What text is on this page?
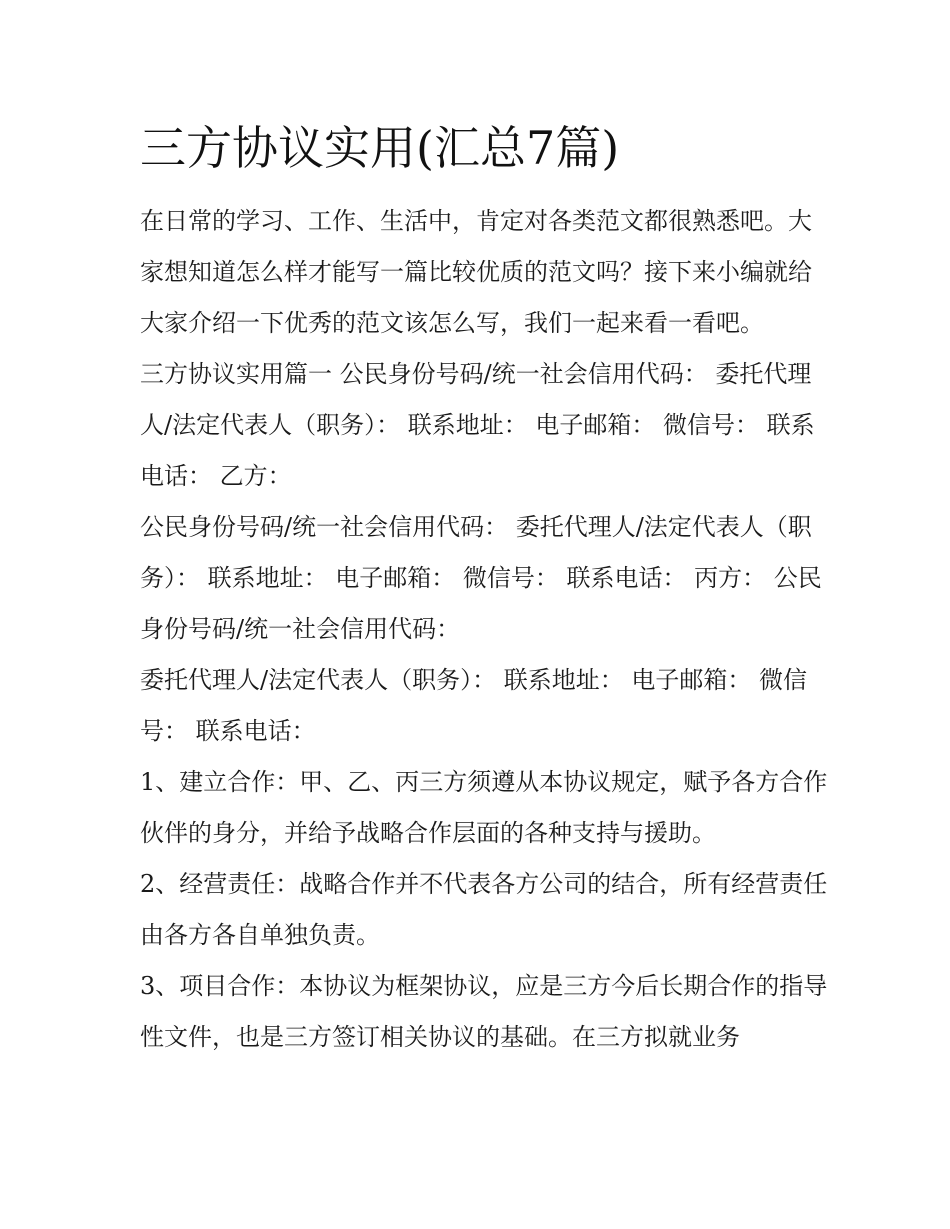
三方协议实用(汇总7篇)

在日常的学习、工作、生活中，肯定对各类范文都很熟悉吧。大家想知道怎么样才能写一篇比较优质的范文吗？接下来小编就给大家介绍一下优秀的范文该怎么写，我们一起来看一看吧。

三方协议实用篇一 公民身份号码/统一社会信用代码： 委托代理人/法定代表人（职务）： 联系地址： 电子邮箱： 微信号： 联系电话： 乙方：

公民身份号码/统一社会信用代码： 委托代理人/法定代表人（职务）： 联系地址： 电子邮箱： 微信号： 联系电话： 丙方： 公民身份号码/统一社会信用代码：

委托代理人/法定代表人（职务）： 联系地址： 电子邮箱： 微信号： 联系电话：

1、建立合作：甲、乙、丙三方须遵从本协议规定，赋予各方合作伙伴的身分，并给予战略合作层面的各种支持与援助。

2、经营责任：战略合作并不代表各方公司的结合，所有经营责任由各方各自单独负责。

3、项目合作：本协议为框架协议，应是三方今后长期合作的指导性文件，也是三方签订相关协议的基础。在三方拟就业务
